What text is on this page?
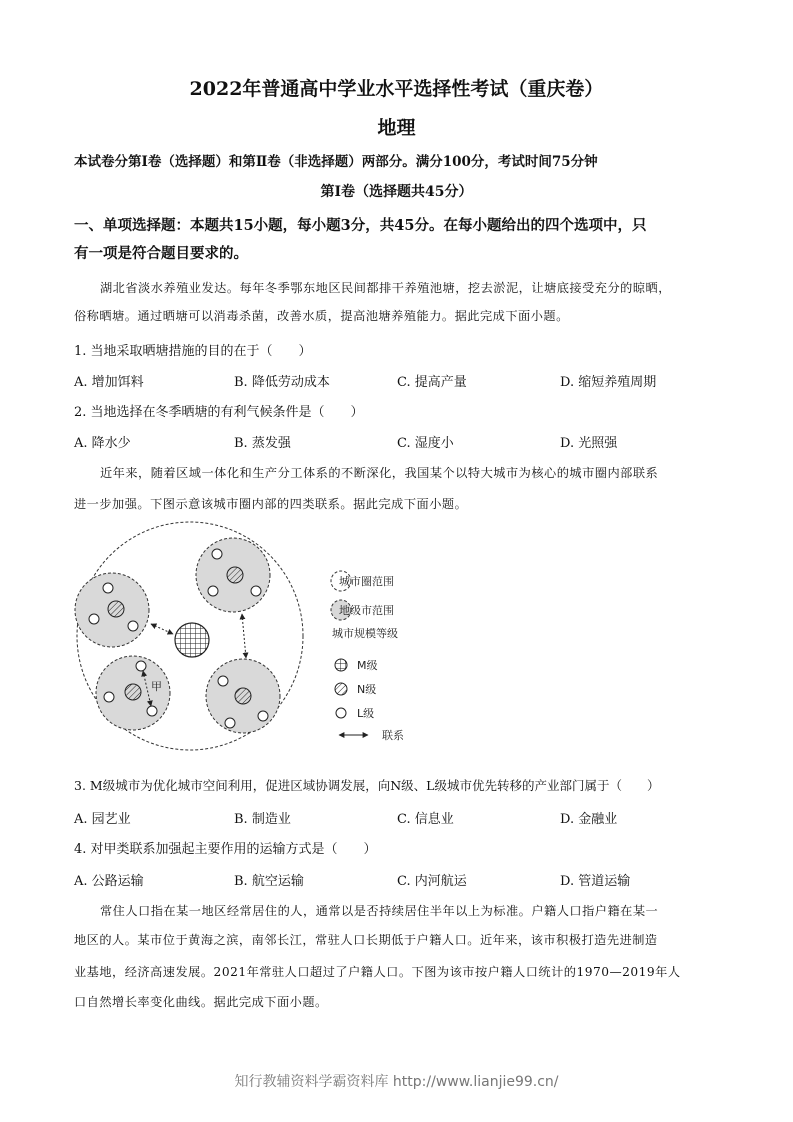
2022年普通高中学业水平选择性考试（重庆卷）
地理
本试卷分第Ⅰ卷（选择题）和第Ⅱ卷（非选择题）两部分。满分100分，考试时间75分钟
第Ⅰ卷（选择题共45分）
一、单项选择题：本题共15小题，每小题3分，共45分。在每小题给出的四个选项中，只
有一项是符合题目要求的。
湖北省淡水养殖业发达。每年冬季鄂东地区民间都排干养殖池塘，挖去淤泥，让塘底接受充分的晾晒，
俗称晒塘。通过晒塘可以消毒杀菌，改善水质，提高池塘养殖能力。据此完成下面小题。
1. 当地采取晒塘措施的目的在于（　　）
A. 增加饵料	B. 降低劳动成本	C. 提高产量	D. 缩短养殖周期
2. 当地选择在冬季晒塘的有利气候条件是（　　）
A. 降水少	B. 蒸发强	C. 湿度小	D. 光照强
近年来，随着区域一体化和生产分工体系的不断深化，我国某个以特大城市为核心的城市圈内部联系
进一步加强。下图示意该城市圈内部的四类联系。据此完成下面小题。
甲
城市圈范围
地级市范围
城市规模等级
M级
N级
L级
联系
3. M级城市为优化城市空间利用，促进区域协调发展，向N级、L级城市优先转移的产业部门属于（　　）
A. 园艺业	B. 制造业	C. 信息业	D. 金融业
4. 对甲类联系加强起主要作用的运输方式是（　　）
A. 公路运输	B. 航空运输	C. 内河航运	D. 管道运输
常住人口指在某一地区经常居住的人，通常以是否持续居住半年以上为标准。户籍人口指户籍在某一
地区的人。某市位于黄海之滨，南邻长江，常驻人口长期低于户籍人口。近年来，该市积极打造先进制造
业基地，经济高速发展。2021年常驻人口超过了户籍人口。下图为该市按户籍人口统计的1970—2019年人
口自然增长率变化曲线。据此完成下面小题。
知行教辅资料学霸资料库 http://www.lianjie99.cn/
